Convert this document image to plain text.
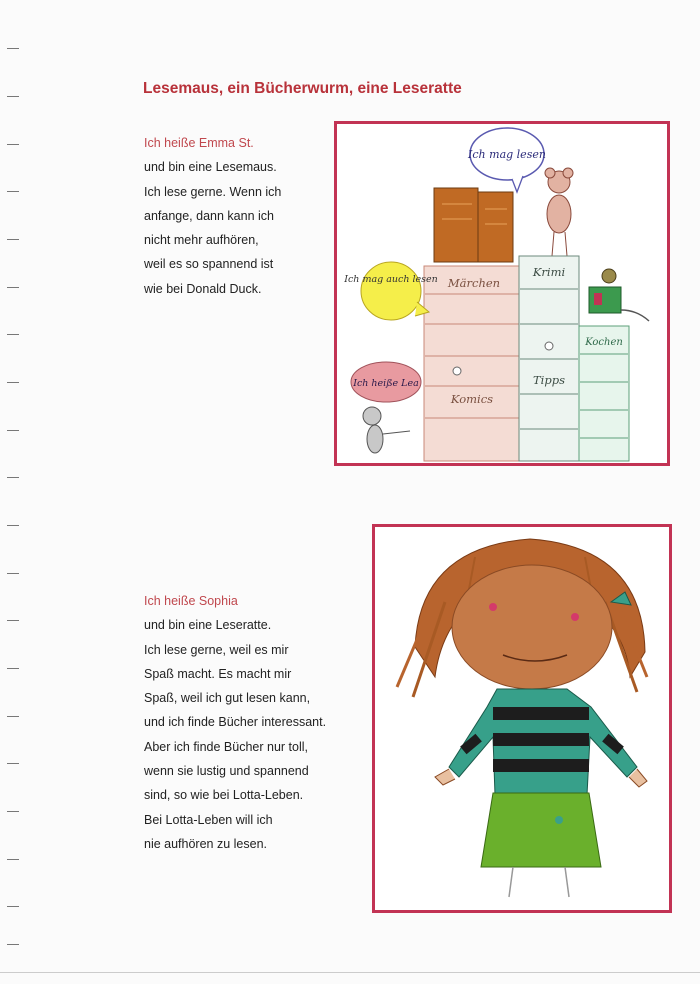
Lesemaus, ein Bücherwurm, eine Leseratte
Ich heiße Emma St.
und bin eine Lesemaus.
Ich lese gerne. Wenn ich
anfange, dann kann ich
nicht mehr aufhören,
weil es so spannend ist
wie bei Donald Duck.
Ich mag lesen
Märchen
Komics
Krimi
Tipps
Kochen
Ich mag auch lesen
Ich heiße Lea
Ich heiße Sophia
und bin eine Leseratte.
Ich lese gerne, weil es mir
Spaß macht. Es macht mir
Spaß, weil ich gut lesen kann,
und ich finde Bücher interessant.
Aber ich finde Bücher nur toll,
wenn sie lustig und spannend
sind, so wie bei Lotta-Leben.
Bei Lotta-Leben will ich
nie aufhören zu lesen.
